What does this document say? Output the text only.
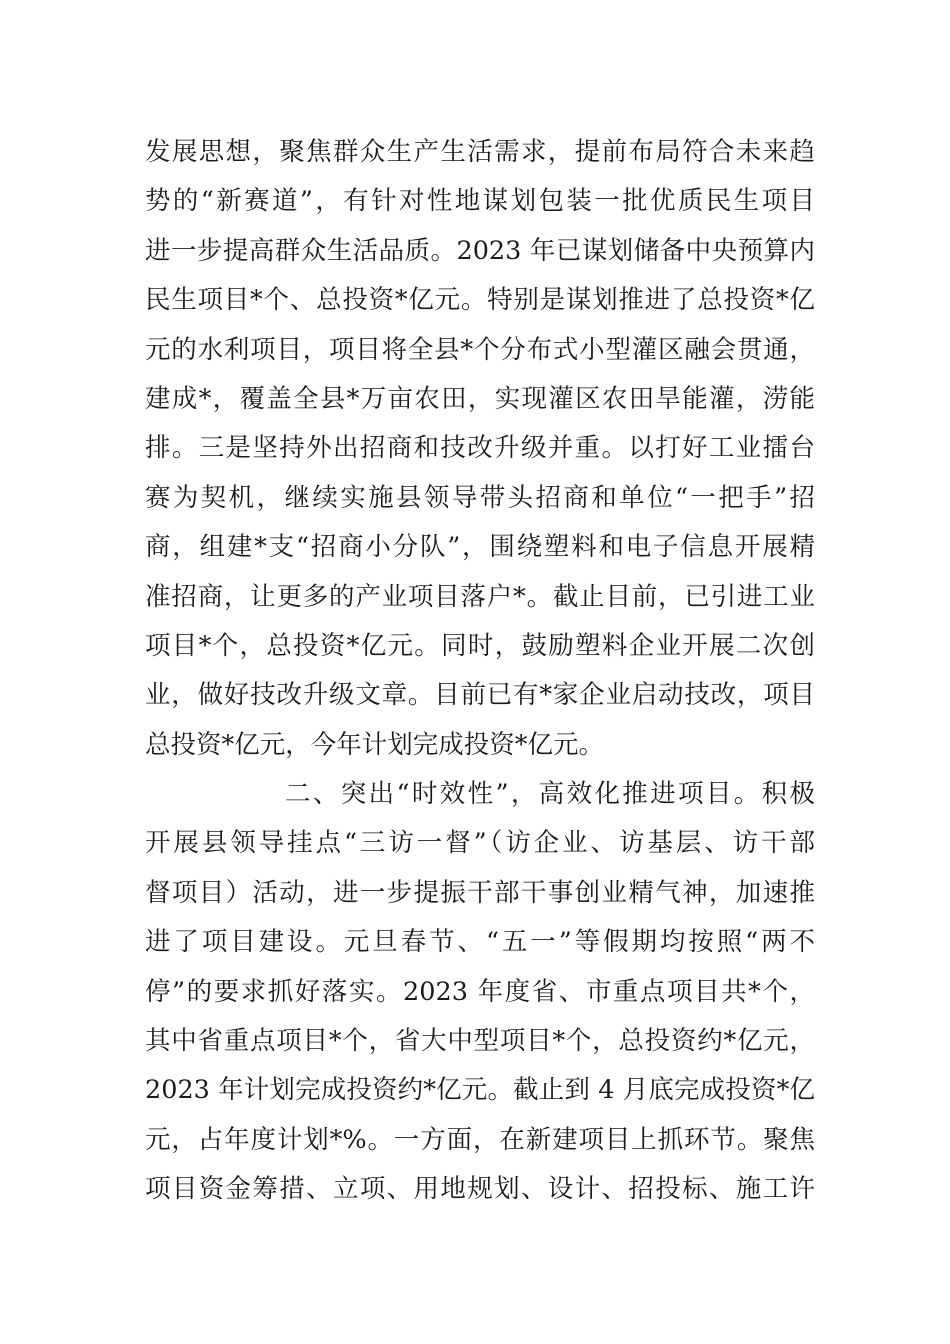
发展思想，聚焦群众生产生活需求，提前布局符合未来趋
势的“新赛道”，有针对性地谋划包装一批优质民生项目
进一步提高群众生活品质。2023 年已谋划储备中央预算内
民生项目*个、总投资*亿元。特别是谋划推进了总投资*亿
元的水利项目，项目将全县*个分布式小型灌区融会贯通，
建成*，覆盖全县*万亩农田，实现灌区农田旱能灌，涝能
排。三是坚持外出招商和技改升级并重。以打好工业擂台
赛为契机，继续实施县领导带头招商和单位“一把手”招
商，组建*支“招商小分队”，围绕塑料和电子信息开展精
准招商，让更多的产业项目落户*。截止目前，已引进工业
项目*个，总投资*亿元。同时，鼓励塑料企业开展二次创
业，做好技改升级文章。目前已有*家企业启动技改，项目
总投资*亿元，今年计划完成投资*亿元。
二、突出“时效性”，高效化推进项目。积极
开展县领导挂点“三访一督”（访企业、访基层、访干部
督项目）活动，进一步提振干部干事创业精气神，加速推
进了项目建设。元旦春节、“五一”等假期均按照“两不
停”的要求抓好落实。2023 年度省、市重点项目共*个，
其中省重点项目*个，省大中型项目*个，总投资约*亿元，
2023 年计划完成投资约*亿元。截止到 4 月底完成投资*亿
元，占年度计划*%。一方面，在新建项目上抓环节。聚焦
项目资金筹措、立项、用地规划、设计、招投标、施工许
